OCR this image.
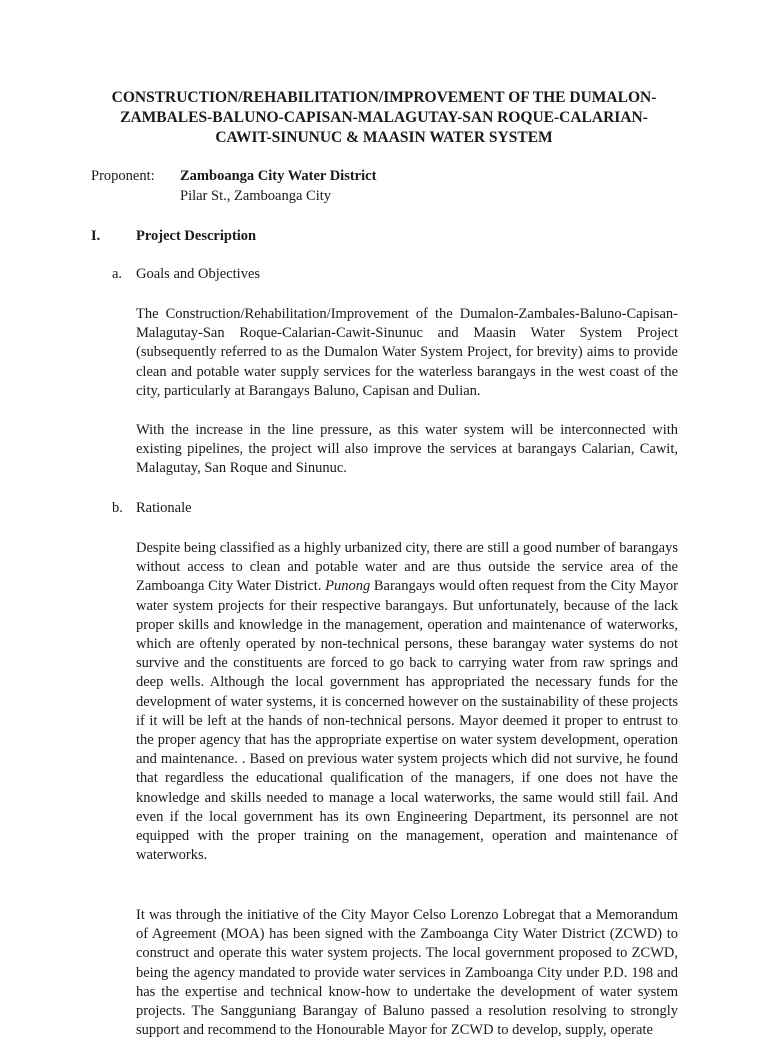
CONSTRUCTION/REHABILITATION/IMPROVEMENT OF THE DUMALON-ZAMBALES-BALUNO-CAPISAN-MALAGUTAY-SAN ROQUE-CALARIAN-CAWIT-SINUNUC & MAASIN WATER SYSTEM
Proponent: Zamboanga City Water District
Pilar St., Zamboanga City
I. Project Description
a. Goals and Objectives

The Construction/Rehabilitation/Improvement of the Dumalon-Zambales-Baluno-Capisan-Malagutay-San Roque-Calarian-Cawit-Sinunuc and Maasin Water System Project (subsequently referred to as the Dumalon Water System Project, for brevity) aims to provide clean and potable water supply services for the waterless barangays in the west coast of the city, particularly at Barangays Baluno, Capisan and Dulian.

With the increase in the line pressure, as this water system will be interconnected with existing pipelines, the project will also improve the services at barangays Calarian, Cawit, Malagutay, San Roque and Sinunuc.

b. Rationale

Despite being classified as a highly urbanized city, there are still a good number of barangays without access to clean and potable water and are thus outside the service area of the Zamboanga City Water District. Punong Barangays would often request from the City Mayor water system projects for their respective barangays. But unfortunately, because of the lack proper skills and knowledge in the management, operation and maintenance of waterworks, which are oftenly operated by non-technical persons, these barangay water systems do not survive and the constituents are forced to go back to carrying water from raw springs and deep wells. Although the local government has appropriated the necessary funds for the development of water systems, it is concerned however on the sustainability of these projects if it will be left at the hands of non-technical persons. Mayor deemed it proper to entrust to the proper agency that has the appropriate expertise on water system development, operation and maintenance. . Based on previous water system projects which did not survive, he found that regardless the educational qualification of the managers, if one does not have the knowledge and skills needed to manage a local waterworks, the same would still fail. And even if the local government has its own Engineering Department, its personnel are not equipped with the proper training on the management, operation and maintenance of waterworks.

It was through the initiative of the City Mayor Celso Lorenzo Lobregat that a Memorandum of Agreement (MOA) has been signed with the Zamboanga City Water District (ZCWD) to construct and operate this water system projects. The local government proposed to ZCWD, being the agency mandated to provide water services in Zamboanga City under P.D. 198 and has the expertise and technical know-how to undertake the development of water system projects. The Sangguniang Barangay of Baluno passed a resolution resolving to strongly support and recommend to the Honourable Mayor for ZCWD to develop, supply, operate
